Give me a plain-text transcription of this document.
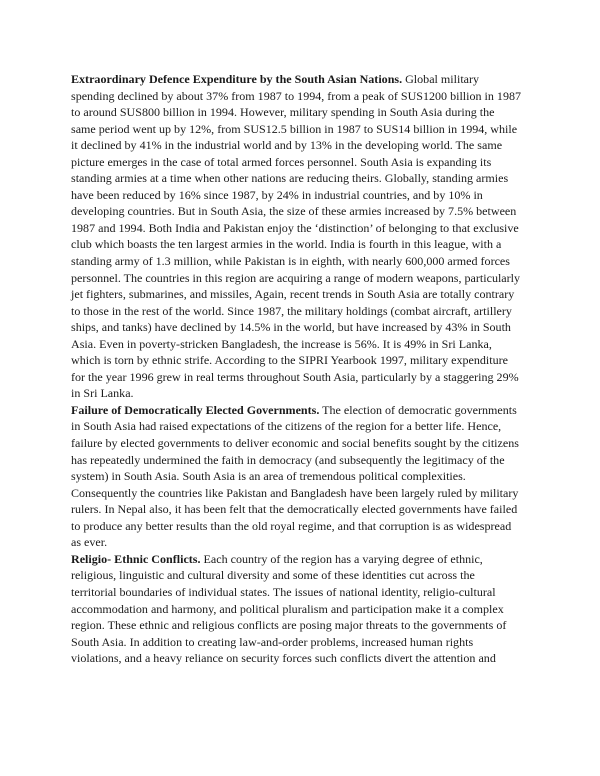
Extraordinary Defence Expenditure by the South Asian Nations. Global military
spending declined by about 37% from 1987 to 1994, from a peak of SUS1200 billion in 1987
to around SUS800 billion in 1994. However, military spending in South Asia during the
same period went up by 12%, from SUS12.5 billion in 1987 to SUS14 billion in 1994, while
it declined by 41% in the industrial world and by 13% in the developing world. The same
picture emerges in the case of total armed forces personnel. South Asia is expanding its
standing armies at a time when other nations are reducing theirs. Globally, standing armies
have been reduced by 16% since 1987, by 24% in industrial countries, and by 10% in
developing countries. But in South Asia, the size of these armies increased by 7.5% between
1987 and 1994. Both India and Pakistan enjoy the ‘distinction’ of belonging to that exclusive
club which boasts the ten largest armies in the world. India is fourth in this league, with a
standing army of 1.3 million, while Pakistan is in eighth, with nearly 600,000 armed forces
personnel. The countries in this region are acquiring a range of modern weapons, particularly
jet fighters, submarines, and missiles, Again, recent trends in South Asia are totally contrary
to those in the rest of the world. Since 1987, the military holdings (combat aircraft, artillery
ships, and tanks) have declined by 14.5% in the world, but have increased by 43% in South
Asia. Even in poverty-stricken Bangladesh, the increase is 56%. It is 49% in Sri Lanka,
which is torn by ethnic strife. According to the SIPRI Yearbook 1997, military expenditure
for the year 1996 grew in real terms throughout South Asia, particularly by a staggering 29%
in Sri Lanka.
Failure of Democratically Elected Governments. The election of democratic governments
in South Asia had raised expectations of the citizens of the region for a better life. Hence,
failure by elected governments to deliver economic and social benefits sought by the citizens
has repeatedly undermined the faith in democracy (and subsequently the legitimacy of the
system) in South Asia. South Asia is an area of tremendous political complexities.
Consequently the countries like Pakistan and Bangladesh have been largely ruled by military
rulers. In Nepal also, it has been felt that the democratically elected governments have failed
to produce any better results than the old royal regime, and that corruption is as widespread
as ever.
Religio- Ethnic Conflicts. Each country of the region has a varying degree of ethnic,
religious, linguistic and cultural diversity and some of these identities cut across the
territorial boundaries of individual states. The issues of national identity, religio-cultural
accommodation and harmony, and political pluralism and participation make it a complex
region. These ethnic and religious conflicts are posing major threats to the governments of
South Asia. In addition to creating law-and-order problems, increased human rights
violations, and a heavy reliance on security forces such conflicts divert the attention and
